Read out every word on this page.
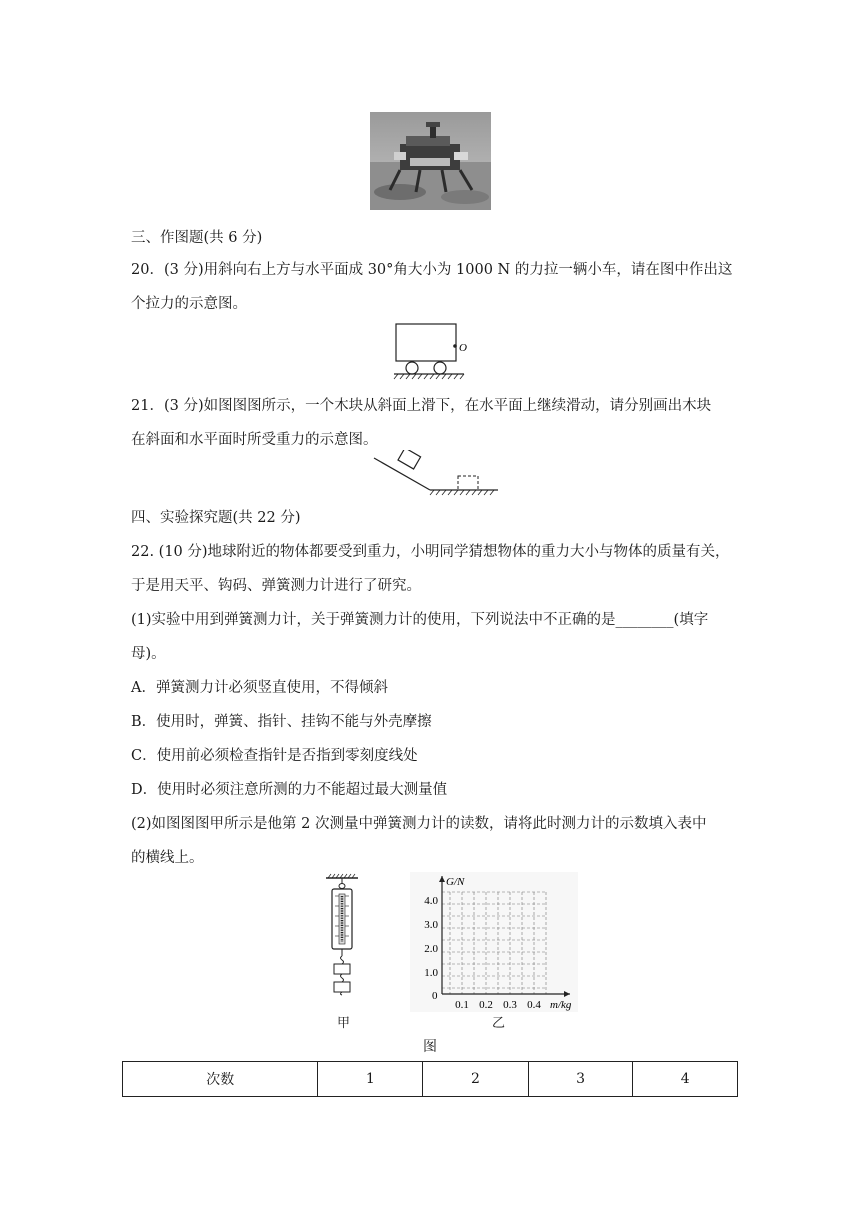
三、作图题(共 6 分)
20．(3 分)用斜向右上方与水平面成 30°角大小为 1000 N 的力拉一辆小车，请在图中作出这
个拉力的示意图。
O
21．(3 分)如图图图所示，一个木块从斜面上滑下，在水平面上继续滑动，请分别画出木块
在斜面和水平面时所受重力的示意图。
四、实验探究题(共 22 分)
22. (10 分)地球附近的物体都要受到重力，小明同学猜想物体的重力大小与物体的质量有关，
于是用天平、钩码、弹簧测力计进行了研究。
(1)实验中用到弹簧测力计，关于弹簧测力计的使用，下列说法中不正确的是________(填字
母)。
A．弹簧测力计必须竖直使用，不得倾斜
B．使用时，弹簧、指针、挂钩不能与外壳摩擦
C．使用前必须检查指针是否指到零刻度线处
D．使用时必须注意所测的力不能超过最大测量值
(2)如图图图甲所示是他第 2 次测量中弹簧测力计的读数，请将此时测力计的示数填入表中
的横线上。
甲
G/N
0
4.0
3.0
2.0
1.0
0.1 0.2 0.3 0.4 m/kg
乙
图
次数	1	2	3	4
